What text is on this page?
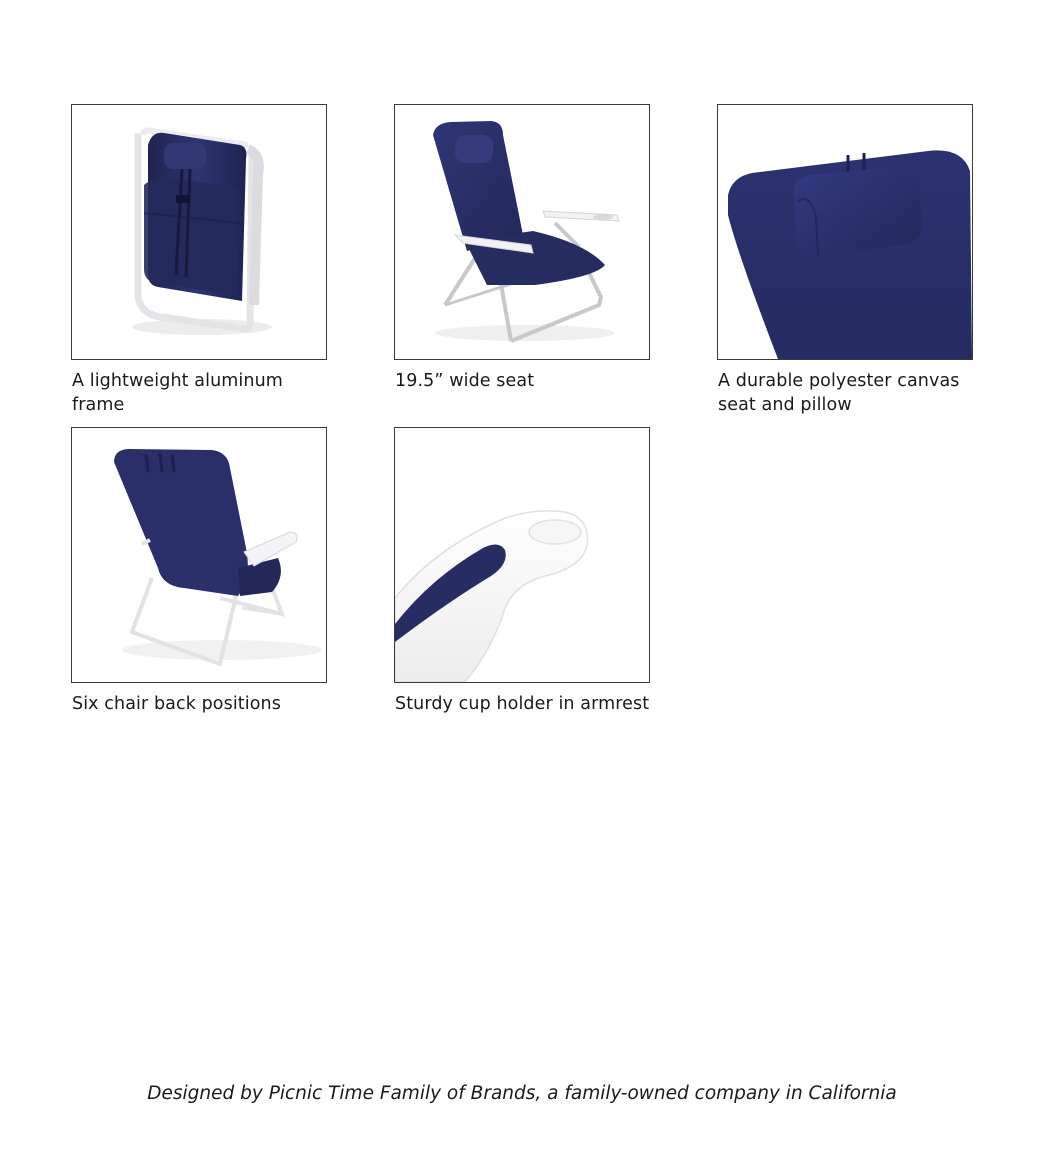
A lightweight aluminum frame
19.5” wide seat	A durable polyester canvas seat and pillow
Six chair back positions	Sturdy cup holder in armrest
Designed by Picnic Time Family of Brands, a family-owned company in California
